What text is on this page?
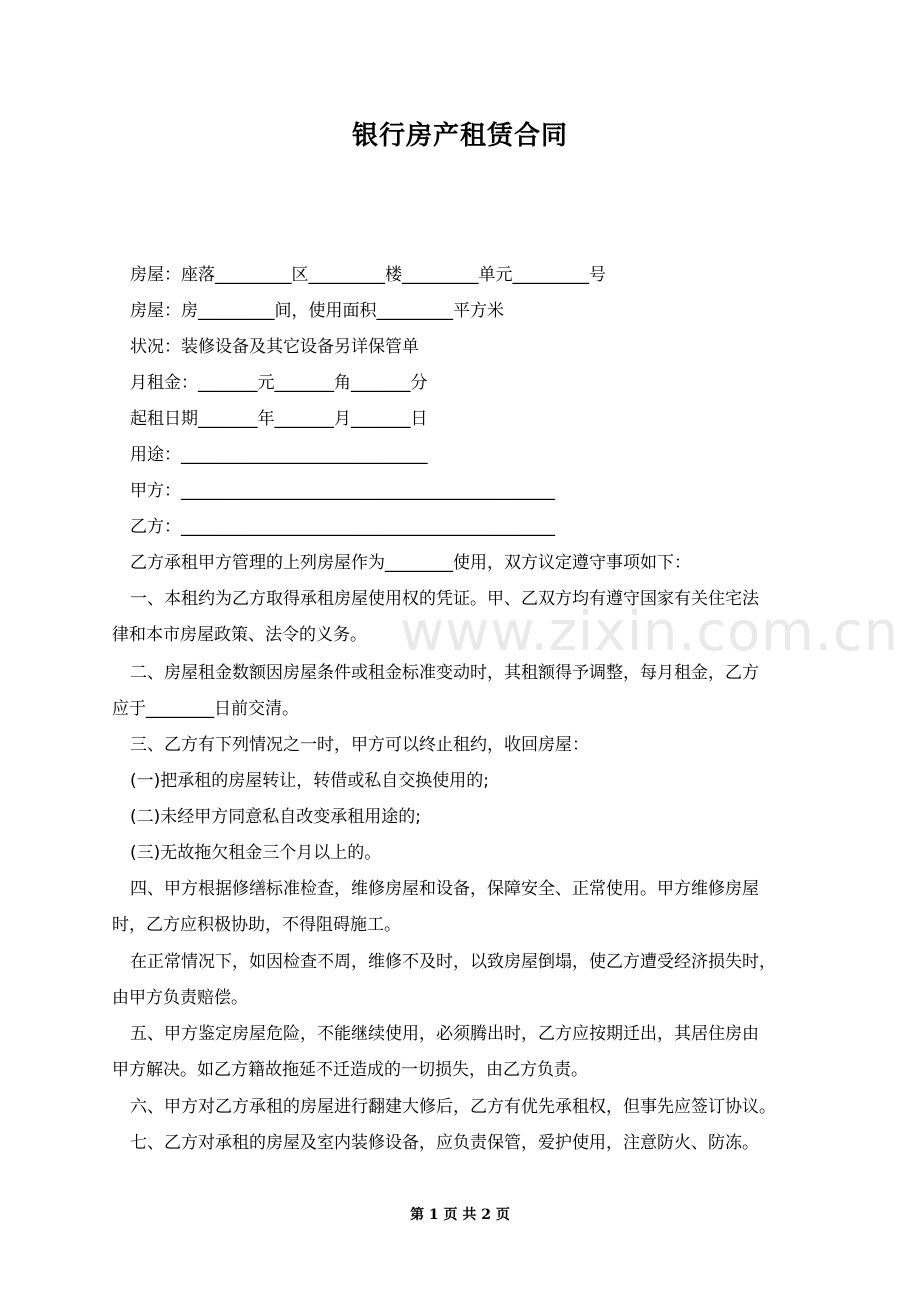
www.zixin.com.cn
银行房产租赁合同
房屋：座落_________区_________楼_________单元_________号
房屋：房_________间，使用面积_________平方米
状况：装修设备及其它设备另详保管单
月租金：_______元_______角_______分
起租日期_______年_______月_______日
用途：_____________________________
甲方：____________________________________________
乙方：____________________________________________
乙方承租甲方管理的上列房屋作为________使用，双方议定遵守事项如下：
一、本租约为乙方取得承租房屋使用权的凭证。甲、乙双方均有遵守国家有关住宅法
律和本市房屋政策、法令的义务。
二、房屋租金数额因房屋条件或租金标准变动时，其租额得予调整，每月租金，乙方
应于________日前交清。
三、乙方有下列情况之一时，甲方可以终止租约，收回房屋：
(一)把承租的房屋转让，转借或私自交换使用的;
(二)未经甲方同意私自改变承租用途的;
(三)无故拖欠租金三个月以上的。
四、甲方根据修缮标准检查，维修房屋和设备，保障安全、正常使用。甲方维修房屋
时，乙方应积极协助，不得阻碍施工。
在正常情况下，如因检查不周，维修不及时，以致房屋倒塌，使乙方遭受经济损失时，
由甲方负责赔偿。
五、甲方鉴定房屋危险，不能继续使用，必须腾出时，乙方应按期迁出，其居住房由
甲方解决。如乙方籍故拖延不迁造成的一切损失，由乙方负责。
六、甲方对乙方承租的房屋进行翻建大修后，乙方有优先承租权，但事先应签订协议。
七、乙方对承租的房屋及室内装修设备，应负责保管，爱护使用，注意防火、防冻。
第 1 页 共 2 页
